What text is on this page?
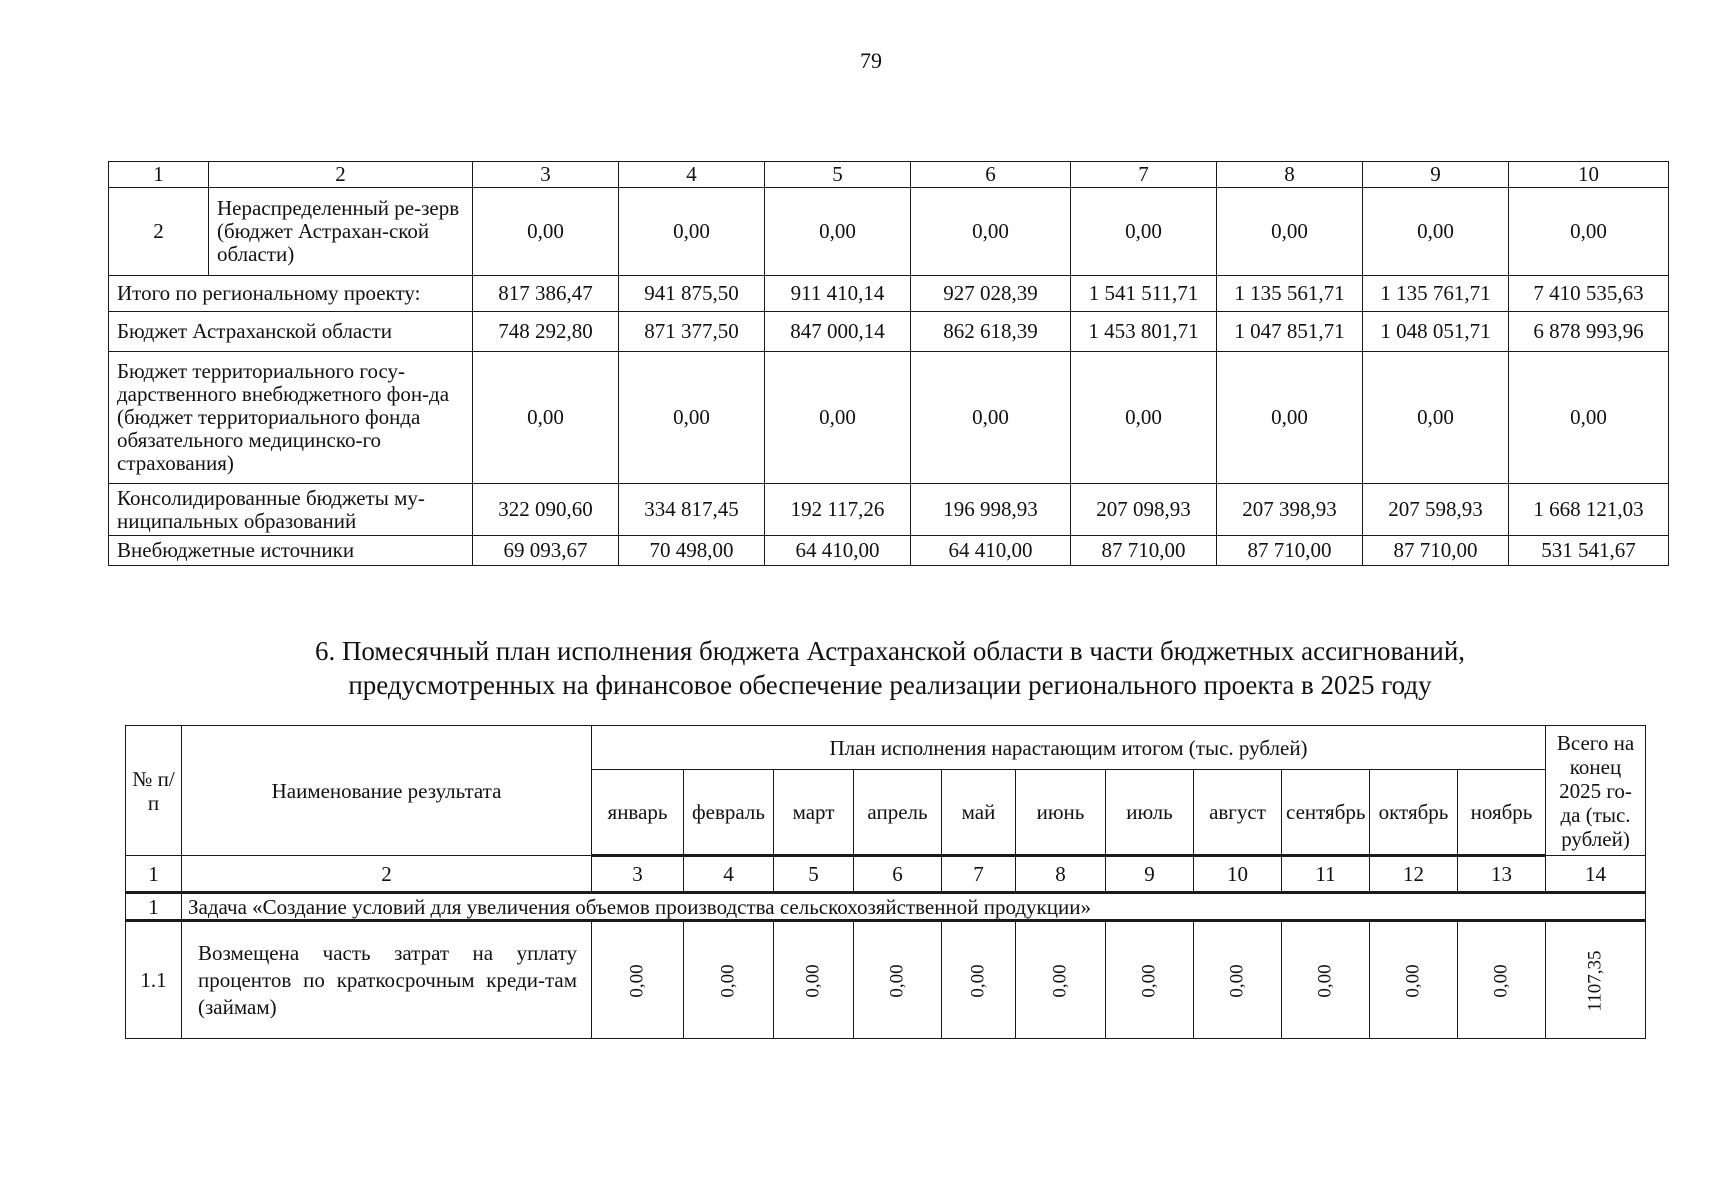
79
1	2	3	4	5	6	7	8	9	10
2	Нераспределенный ре-зерв (бюджет Астрахан-ской области)	0,00	0,00	0,00	0,00	0,00	0,00	0,00	0,00
Итого по региональному проекту:		817 386,47	941 875,50	911 410,14	927 028,39	1 541 511,71	1 135 561,71	1 135 761,71	7 410 535,63
Бюджет Астраханской области		748 292,80	871 377,50	847 000,14	862 618,39	1 453 801,71	1 047 851,71	1 048 051,71	6 878 993,96
Бюджет территориального госу-дарственного внебюджетного фон-да (бюджет территориального фонда обязательного медицинско-го страхования)		0,00	0,00	0,00	0,00	0,00	0,00	0,00	0,00
Консолидированные бюджеты му-ниципальных образований		322 090,60	334 817,45	192 117,26	196 998,93	207 098,93	207 398,93	207 598,93	1 668 121,03
Внебюджетные источники		69 093,67	70 498,00	64 410,00	64 410,00	87 710,00	87 710,00	87 710,00	531 541,67
6. Помесячный план исполнения бюджета Астраханской области в части бюджетных ассигнований,
предусмотренных на финансовое обеспечение реализации регионального проекта в 2025 году
№ п/п	Наименование результата	План исполнения нарастающим итогом (тыс. рублей)											Всего на конец 2025 го-да (тыс. рублей)
		январь	февраль	март	апрель	май	июнь	июль	август	сентябрь	октябрь	ноябрь	
1	2	3	4	5	6	7	8	9	10	11	12	13	14
1	Задача «Создание условий для увеличения объемов производства сельскохозяйственной продукции»												
1.1	Возмещена часть затрат на уплату процентов по краткосрочным креди-там (займам)	0,00	0,00	0,00	0,00	0,00	0,00	0,00	0,00	0,00	0,00	0,00	1107,35
